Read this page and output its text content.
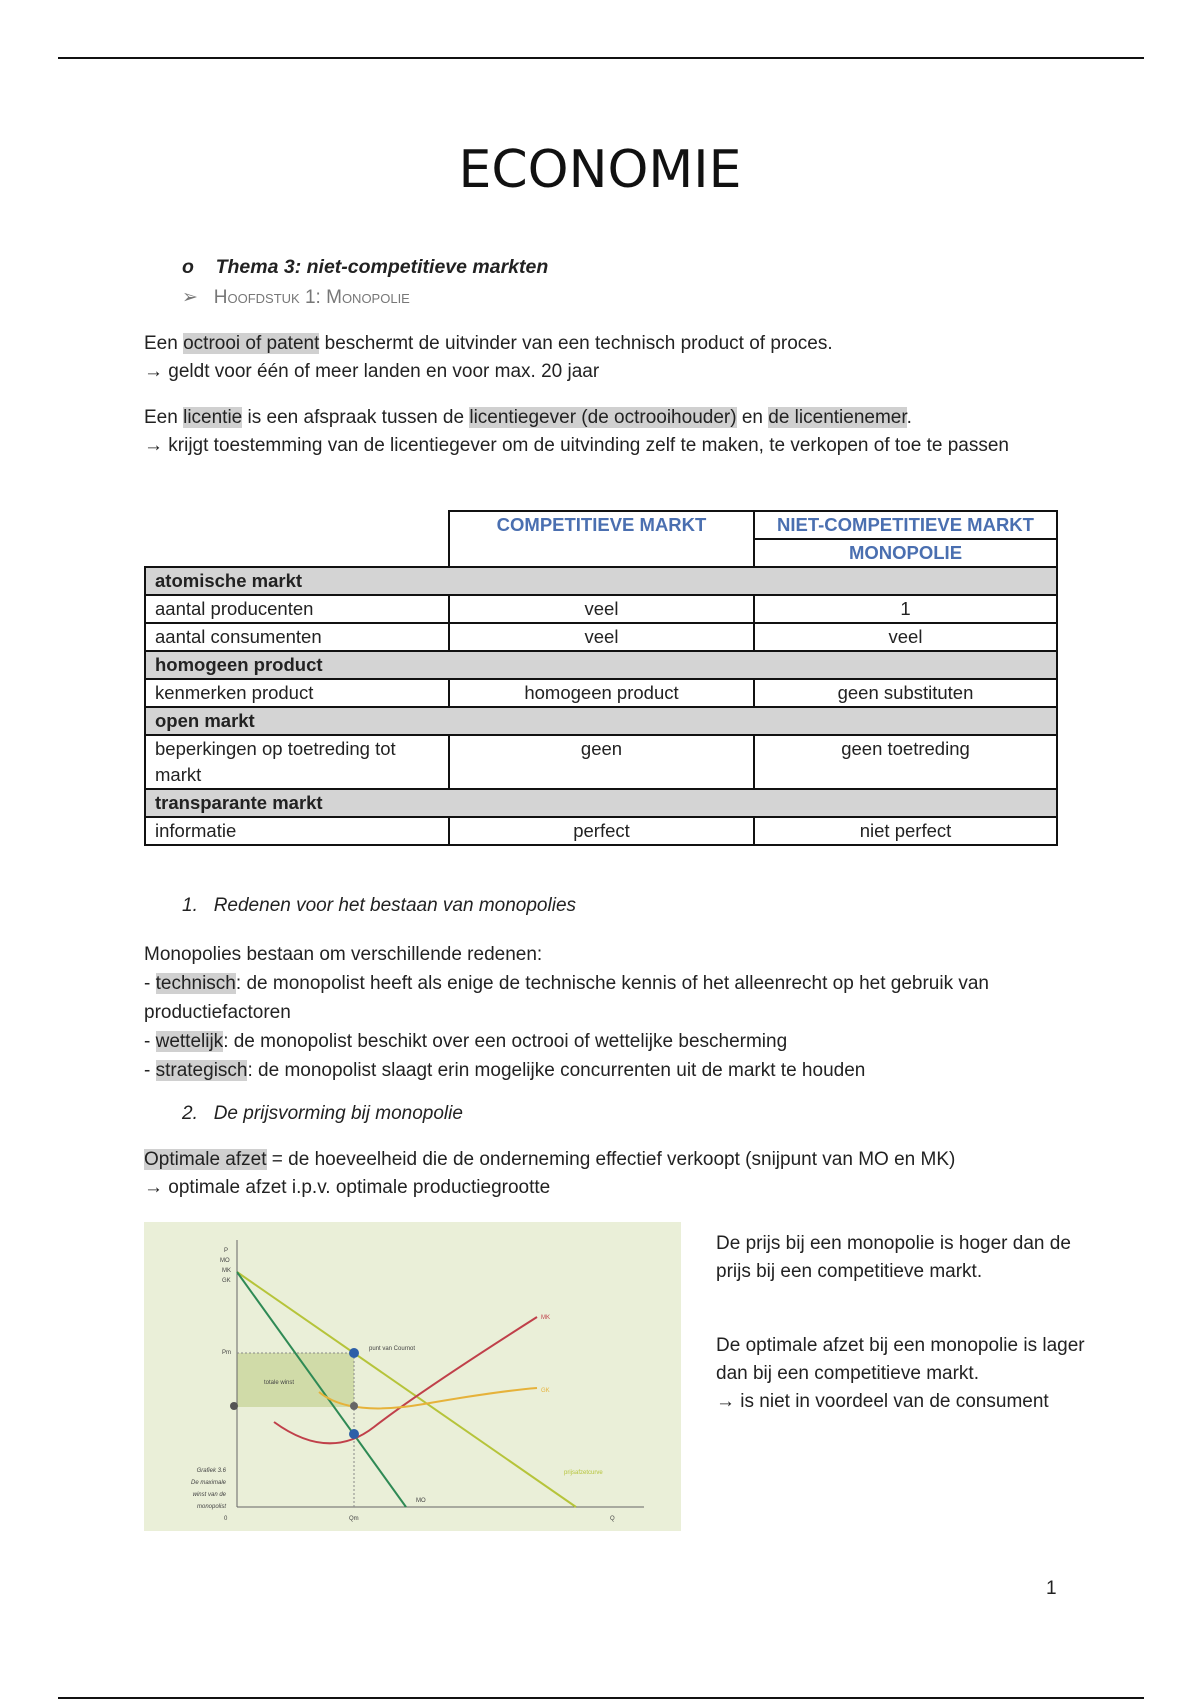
ECONOMIE
o Thema 3: niet-competitieve markten
➢ Hoofdstuk 1: Monopolie
Een octrooi of patent beschermt de uitvinder van een technisch product of proces.
→ geldt voor één of meer landen en voor max. 20 jaar
Een licentie is een afspraak tussen de licentiegever (de octrooihouder) en de licentienemer.
→ krijgt toestemming van de licentiegever om de uitvinding zelf te maken, te verkopen of toe te passen
	COMPETITIEVE MARKT	NIET-COMPETITIEVE MARKT
		MONOPOLIE
atomische markt		
aantal producenten	veel	1
aantal consumenten	veel	veel
homogeen product		
kenmerken product	homogeen product	geen substituten
open markt		
beperkingen op toetreding tot markt	geen	geen toetreding
transparante markt		
informatie	perfect	niet perfect
1. Redenen voor het bestaan van monopolies
Monopolies bestaan om verschillende redenen:
- technisch: de monopolist heeft als enige de technische kennis of het alleenrecht op het gebruik van productiefactoren
- wettelijk: de monopolist beschikt over een octrooi of wettelijke bescherming
- strategisch: de monopolist slaagt erin mogelijke concurrenten uit de markt te houden
2. De prijsvorming bij monopolie
Optimale afzet = de hoeveelheid die de onderneming effectief verkoopt (snijpunt van MO en MK)
→ optimale afzet i.p.v. optimale productiegrootte
P
MO
MK
GK
Pm
punt van Cournot
totale winst
MK
GK
prijsafzetcurve
MO
0	Qm	Q
Grafiek 3.6
De maximale
winst van de
monopolist
De prijs bij een monopolie is hoger dan de prijs bij een competitieve markt.
De optimale afzet bij een monopolie is lager dan bij een competitieve markt.
→ is niet in voordeel van de consument
1
